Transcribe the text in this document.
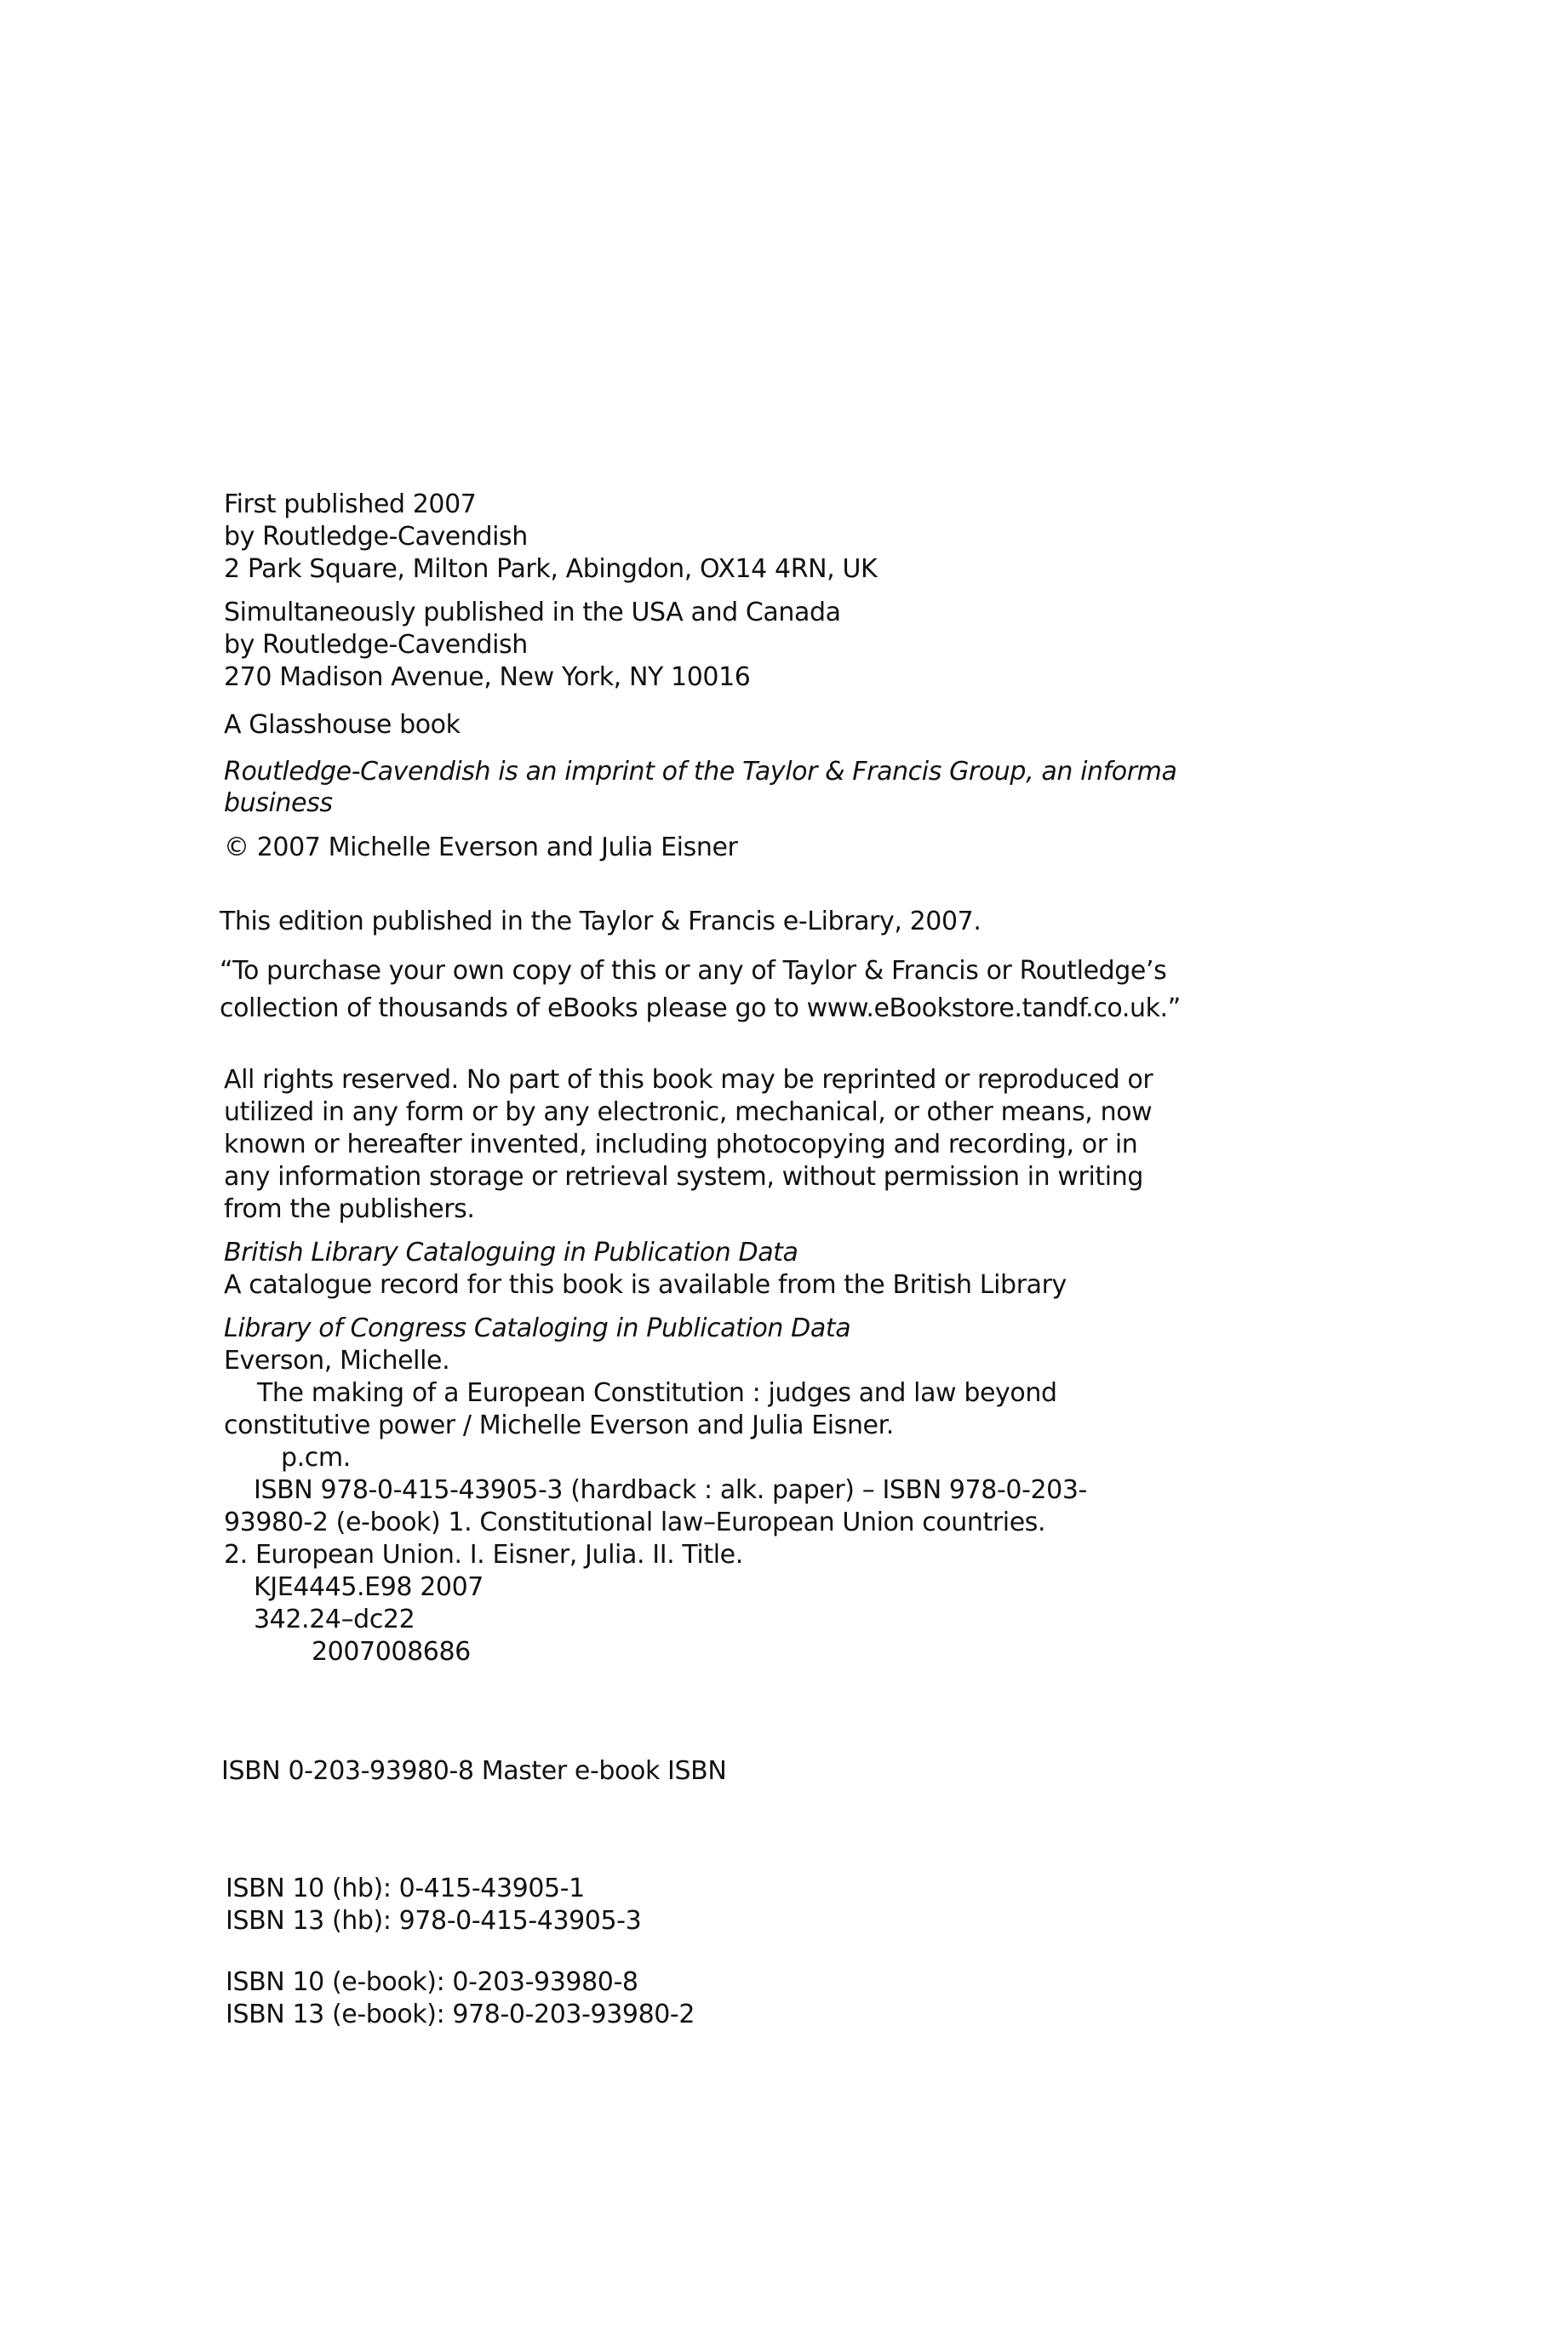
First published 2007
by Routledge-Cavendish
2 Park Square, Milton Park, Abingdon, OX14 4RN, UK
Simultaneously published in the USA and Canada
by Routledge-Cavendish
270 Madison Avenue, New York, NY 10016
A Glasshouse book
Routledge-Cavendish is an imprint of the Taylor & Francis Group, an informa
business
© 2007 Michelle Everson and Julia Eisner
This edition published in the Taylor & Francis e-Library, 2007.
“To purchase your own copy of this or any of Taylor & Francis or Routledge’s
collection of thousands of eBooks please go to www.eBookstore.tandf.co.uk.”
All rights reserved. No part of this book may be reprinted or reproduced or
utilized in any form or by any electronic, mechanical, or other means, now
known or hereafter invented, including photocopying and recording, or in
any information storage or retrieval system, without permission in writing
from the publishers.
British Library Cataloguing in Publication Data
A catalogue record for this book is available from the British Library
Library of Congress Cataloging in Publication Data
Everson, Michelle.
The making of a European Constitution : judges and law beyond
constitutive power / Michelle Everson and Julia Eisner.
p.cm.
ISBN 978-0-415-43905-3 (hardback : alk. paper) – ISBN 978-0-203-
93980-2 (e-book) 1. Constitutional law–European Union countries.
2. European Union. I. Eisner, Julia. II. Title.
KJE4445.E98 2007
342.24–dc22
2007008686
ISBN 0-203-93980-8 Master e-book ISBN
ISBN 10 (hb): 0-415-43905-1
ISBN 13 (hb): 978-0-415-43905-3
ISBN 10 (e-book): 0-203-93980-8
ISBN 13 (e-book): 978-0-203-93980-2
